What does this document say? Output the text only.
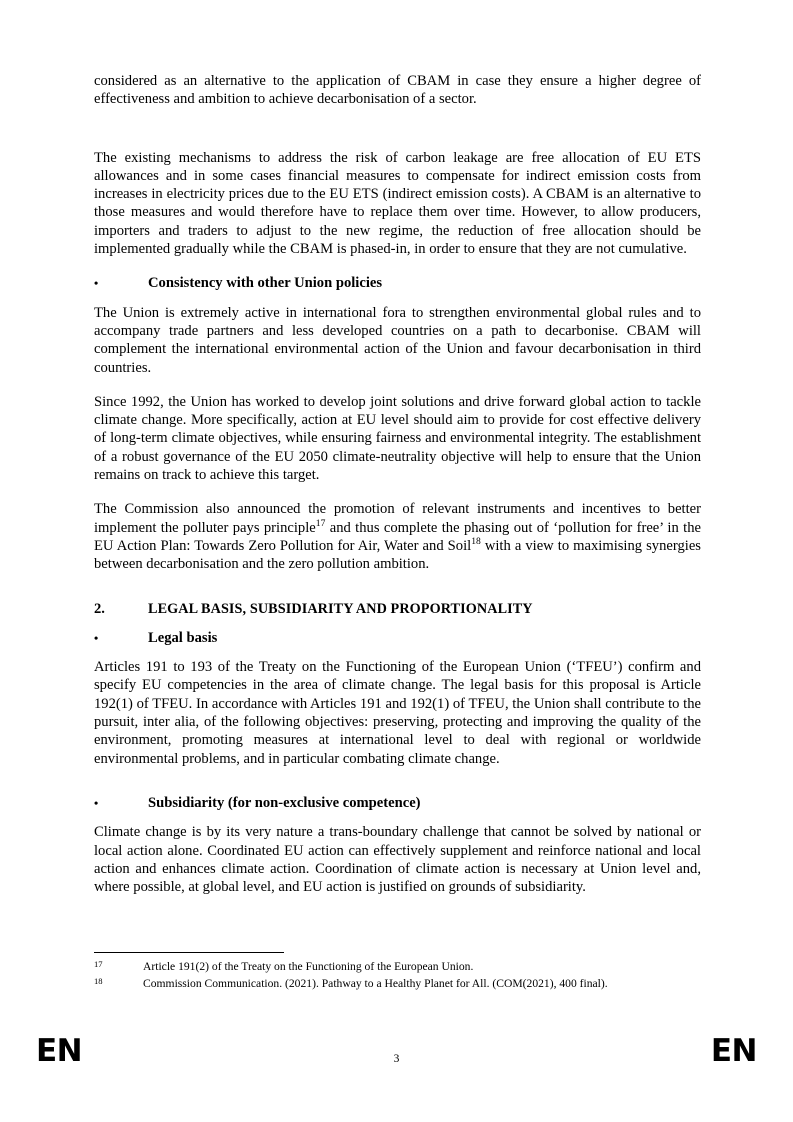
considered as an alternative to the application of CBAM in case they ensure a higher degree of effectiveness and ambition to achieve decarbonisation of a sector.

The existing mechanisms to address the risk of carbon leakage are free allocation of EU ETS allowances and in some cases financial measures to compensate for indirect emission costs from increases in electricity prices due to the EU ETS (indirect emission costs). A CBAM is an alternative to those measures and would therefore have to replace them over time. However, to allow producers, importers and traders to adjust to the new regime, the reduction of free allocation should be implemented gradually while the CBAM is phased-in, in order to ensure that they are not cumulative.

•	Consistency with other Union policies

The Union is extremely active in international fora to strengthen environmental global rules and to accompany trade partners and less developed countries on a path to decarbonise. CBAM will complement the international environmental action of the Union and favour decarbonisation in third countries.

Since 1992, the Union has worked to develop joint solutions and drive forward global action to tackle climate change. More specifically, action at EU level should aim to provide for cost effective delivery of long-term climate objectives, while ensuring fairness and environmental integrity. The establishment of a robust governance of the EU 2050 climate-neutrality objective will help to ensure that the Union remains on track to achieve this target.

The Commission also announced the promotion of relevant instruments and incentives to better implement the polluter pays principle$^{17}$ and thus complete the phasing out of ‘pollution for free’ in the EU Action Plan: Towards Zero Pollution for Air, Water and Soil$^{18}$ with a view to maximising synergies between decarbonisation and the zero pollution ambition.

2.	LEGAL BASIS, SUBSIDIARITY AND PROPORTIONALITY
•	Legal basis

Articles 191 to 193 of the Treaty on the Functioning of the European Union (‘TFEU’) confirm and specify EU competencies in the area of climate change. The legal basis for this proposal is Article 192(1) of TFEU. In accordance with Articles 191 and 192(1) of TFEU, the Union shall contribute to the pursuit, inter alia, of the following objectives: preserving, protecting and improving the quality of the environment, promoting measures at international level to deal with regional or worldwide environmental problems, and in particular combating climate change.

•	Subsidiarity (for non-exclusive competence)

Climate change is by its very nature a trans-boundary challenge that cannot be solved by national or local action alone. Coordinated EU action can effectively supplement and reinforce national and local action and enhances climate action. Coordination of climate action is necessary at Union level and, where possible, at global level, and EU action is justified on grounds of subsidiarity.

17	Article 191(2) of the Treaty on the Functioning of the European Union.
18	Commission Communication. (2021). Pathway to a Healthy Planet for All. (COM(2021), 400 final).
EN	3	EN
